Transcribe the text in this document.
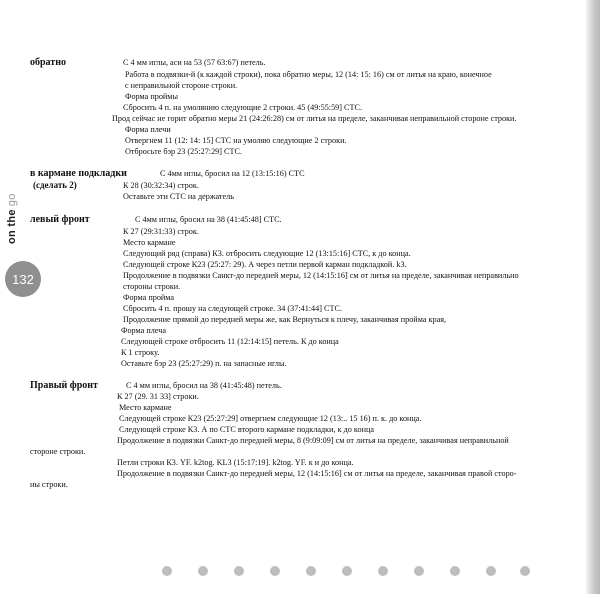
on thego
132
обратно	С 4 мм иглы, аси на 53 (57 63:67) петель.
Работа в подвязки-й (к каждой строки), пока обратно меры, 12 (14: 15: 16) см от литья на краю, конечное
с неправильной стороне строки.
Форма проймы
Сбросить 4 п. на умолянию следующие 2 строки. 45 (49:55:59] СТС.
Прод сейчас не горит обратно меры 21 (24:26:28) см от литья на пределе, заканчивая неправильной стороне строки.
Форма плечи
Отвергнем 11 (12: 14: 15] СТС на умоляю следующие 2 строки.
Отбросьте бэр 23 (25:27:29] СТС.
в кармане подкладки
(сделать 2)
С 4мм иглы, бросил на 12 (13:15:16) СТС
К 28 (30:32:34) строк.
Оставьте эти СТС на держатель
левый фронт	С 4мм иглы, бросил на 38 (41:45:48] СТС.
К 27 (29:31:33) строк.
Место кармане
Следующий ряд (справа) К3. отбросить следующие 12 (13:15:16] СТС, к до конца.
Следующей строке К23 (25:27: 29). А через петли первой карман подкладкой. k3.
Продолжение в подвязки Санкт-до передней меры, 12 (14:15:16] см от литья на пределе, заканчивая неправильно
стороны строки.
Форма пройма
Сбросить 4 п. прошу на следующей строке. 34 (37:41:44] СТС.
Продолжение прямой до передней меры же, как Вернуться к плечу, заканчивая пройма края,
Форма плеча
Следующей строке отбросить 11 (12:14:15] петель. К до конца
К 1 строку.
Оставьте бэр 23 (25:27:29) п. на запасные иглы.
Правый фронт	С 4 мм иглы, бросил на 38 (41:45:48) петель.
К 27 (29. 31 33] строки.
Место кармане
Следующей строке К23 (25:27:29] отвергнем следующие 12 (13:.. 15 16) п. к. до конца.
Следующей строке К3. А по СТС второго кармане подкладки, к до конца
Продолжение в подвязки Санкт-до передней меры, 8 (9:09:09] см от литья на пределе, заканчивая неправильной
стороне строки.
Петли строки К3. YF. k2tog. KL3 (15:17:19]. k2tog. YF. к и до конца.
Продолжение в подвязки Санкт-до передней меры, 12 (14:15:16] см от литья на пределе, заканчивая правой сторо-
ны строки.
